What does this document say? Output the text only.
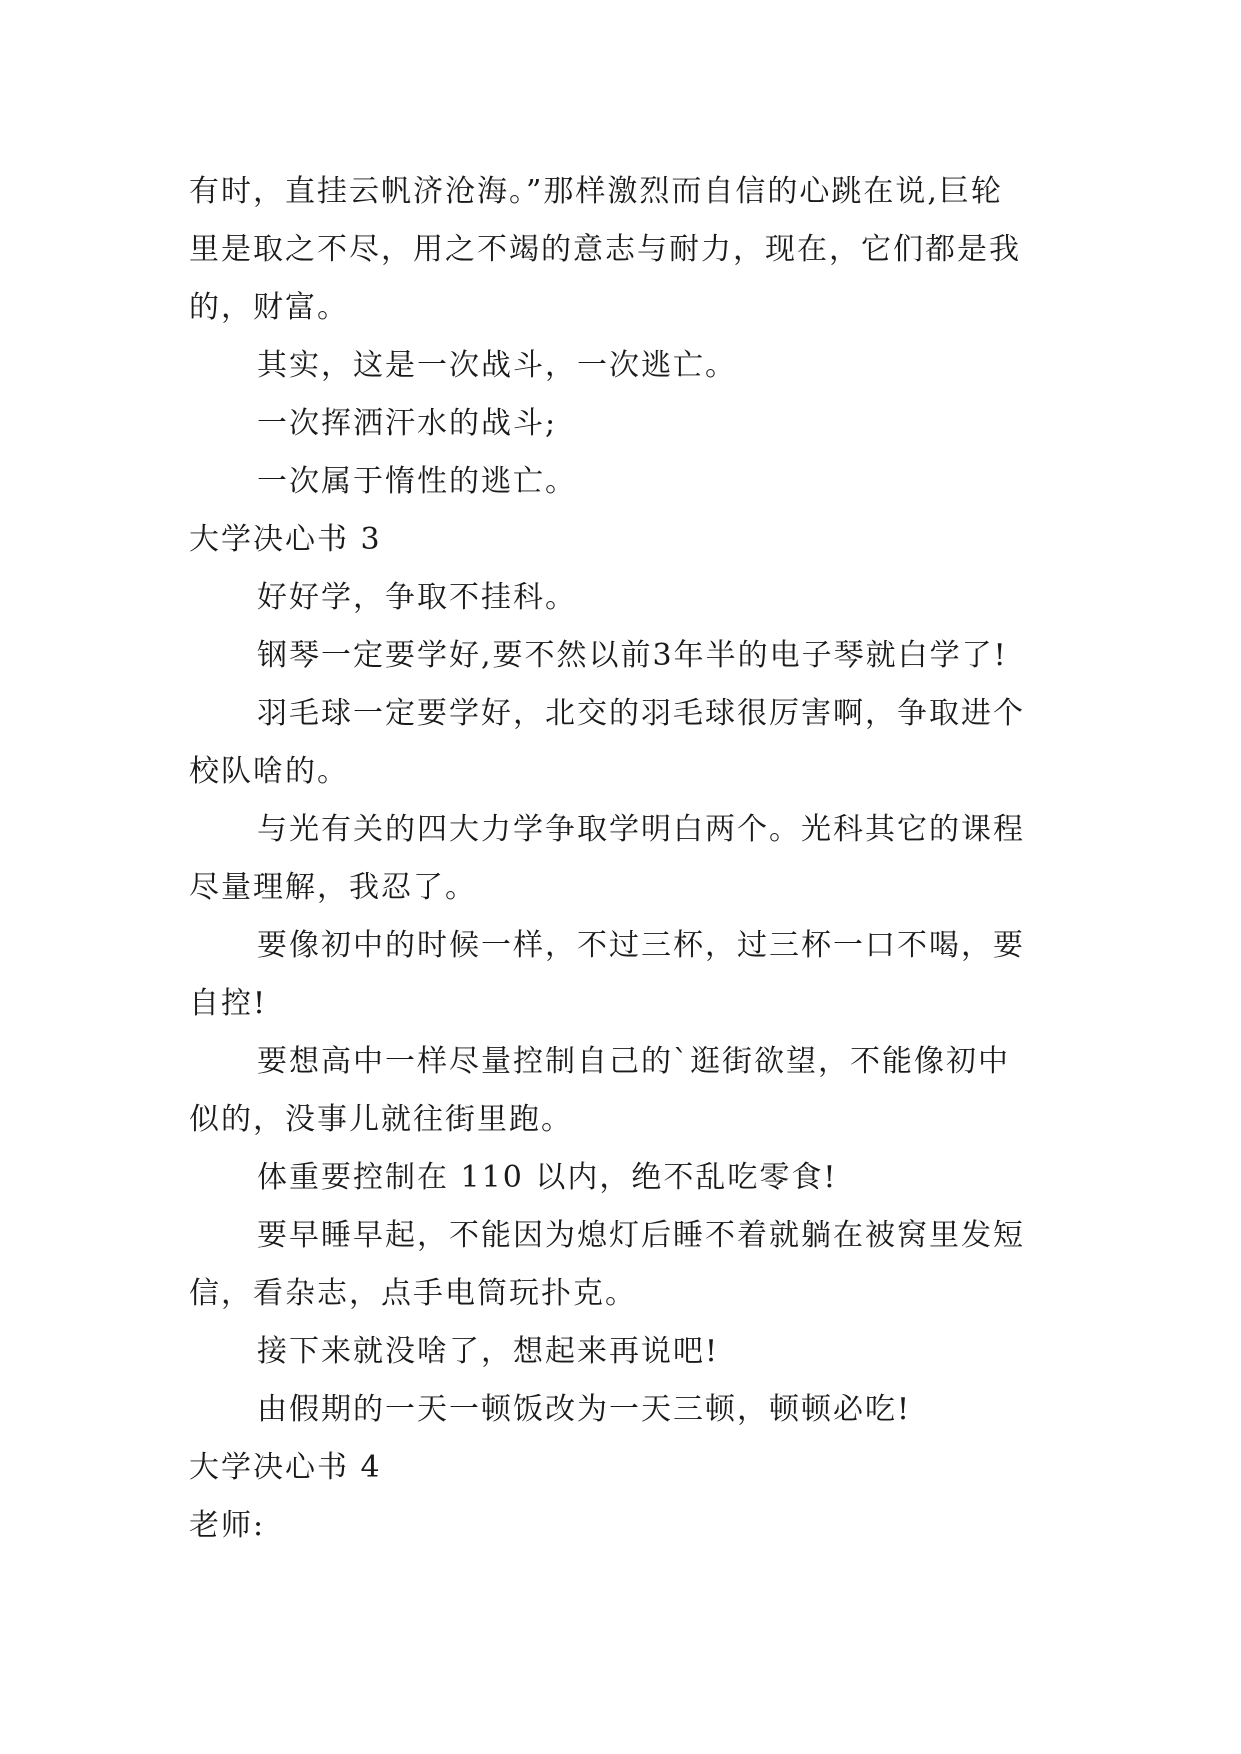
有时，直挂云帆济沧海。”那样激烈而自信的心跳在说,巨轮
里是取之不尽，用之不竭的意志与耐力，现在，它们都是我
的，财富。
其实，这是一次战斗，一次逃亡。
一次挥洒汗水的战斗;
一次属于惰性的逃亡。
大学决心书 3
好好学，争取不挂科。
钢琴一定要学好,要不然以前3年半的电子琴就白学了!
羽毛球一定要学好，北交的羽毛球很厉害啊，争取进个
校队啥的。
与光有关的四大力学争取学明白两个。光科其它的课程
尽量理解，我忍了。
要像初中的时候一样，不过三杯，过三杯一口不喝，要
自控!
要想高中一样尽量控制自己的`逛街欲望，不能像初中
似的，没事儿就往街里跑。
体重要控制在 110 以内，绝不乱吃零食!
要早睡早起，不能因为熄灯后睡不着就躺在被窝里发短
信，看杂志，点手电筒玩扑克。
接下来就没啥了，想起来再说吧!
由假期的一天一顿饭改为一天三顿，顿顿必吃!
大学决心书 4
老师:
